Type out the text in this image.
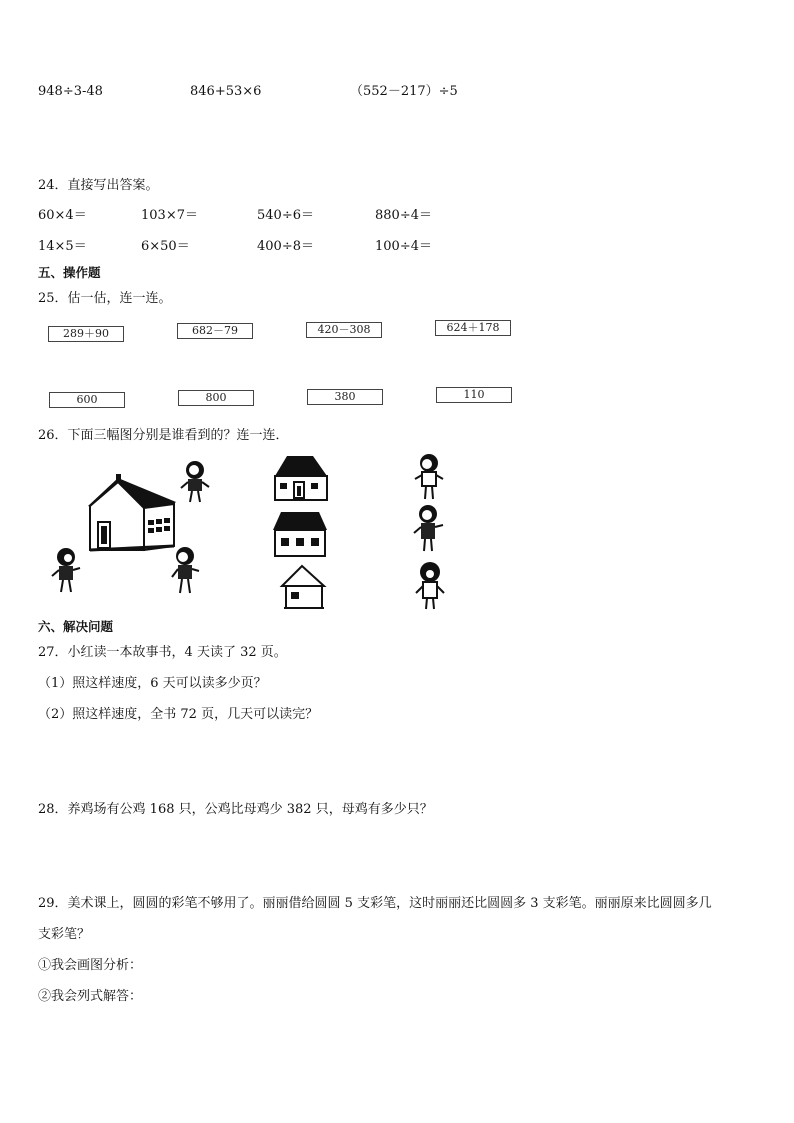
948÷3-48	846+53×6	（552－217）÷5
24．直接写出答案。
60×4＝	103×7＝	540÷6＝	880÷4＝
14×5＝	6×50＝	400÷8＝	100÷4＝
五、操作题
25．估一估，连一连。
289＋90	682－79	420－308	624＋178
600	800	380	110
26．下面三幅图分别是谁看到的？连一连．
六、解决问题
27．小红读一本故事书，4 天读了 32 页。
（1）照这样速度，6 天可以读多少页？
（2）照这样速度，全书 72 页，几天可以读完？
28．养鸡场有公鸡 168 只，公鸡比母鸡少 382 只，母鸡有多少只？
29．美术课上，圆圆的彩笔不够用了。丽丽借给圆圆 5 支彩笔，这时丽丽还比圆圆多 3 支彩笔。丽丽原来比圆圆多几
支彩笔？
①我会画图分析：
②我会列式解答：
